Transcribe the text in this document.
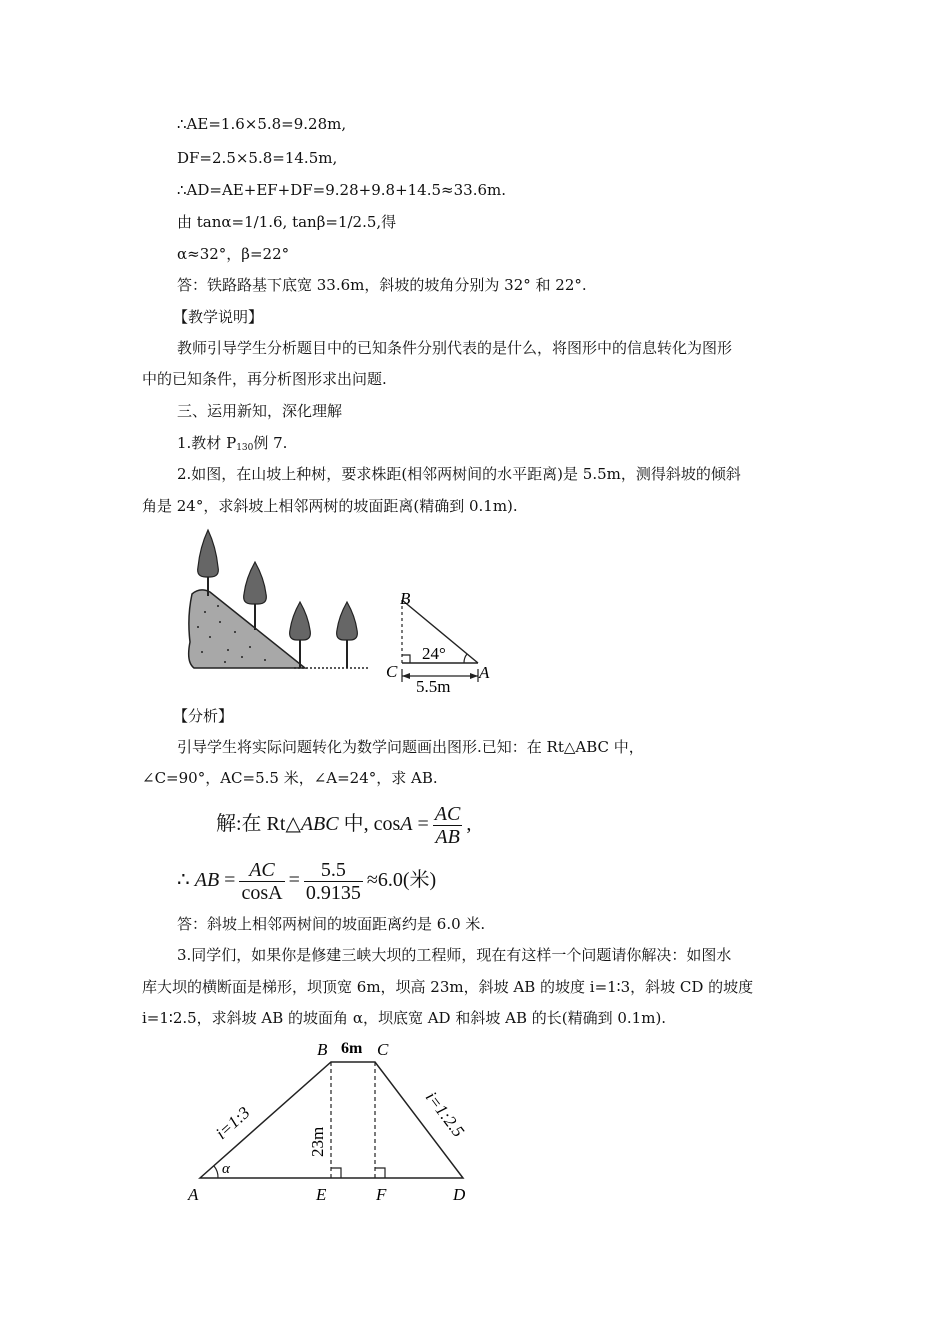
∴AE=1.6×5.8=9.28m,
DF=2.5×5.8=14.5m,
∴AD=AE+EF+DF=9.28+9.8+14.5≈33.6m.
由 tanα=1/1.6, tanβ=1/2.5,得
α≈32°，β=22°
答：铁路路基下底宽 33.6m，斜坡的坡角分别为 32° 和 22°.
【教学说明】
教师引导学生分析题目中的已知条件分别代表的是什么，将图形中的信息转化为图形
中的已知条件，再分析图形求出问题.
三、运用新知，深化理解
1.教材 P130例 7.
2.如图，在山坡上种树，要求株距(相邻两树间的水平距离)是 5.5m，测得斜坡的倾斜
角是 24°，求斜坡上相邻两树的坡面距离(精确到 0.1m).
B
C	A
24°
5.5m
【分析】
引导学生将实际问题转化为数学问题画出图形.已知：在 Rt△ABC 中，
∠C=90°，AC=5.5 米，∠A=24°，求 AB.
解:在 Rt△ABC 中, $\cos A = \frac{AC}{AB}$ ,
∴ AB = $\frac{AC}{\cos A} = \frac{5.5}{0.9135} \approx 6.0$(米)
答：斜坡上相邻两树间的坡面距离约是 6.0 米.
3.同学们，如果你是修建三峡大坝的工程师，现在有这样一个问题请你解决：如图水
库大坝的横断面是梯形，坝顶宽 6m，坝高 23m，斜坡 AB 的坡度 i=1∶3，斜坡 CD 的坡度
i=1∶2.5，求斜坡 AB 的坡面角 α，坝底宽 AD 和斜坡 AB 的长(精确到 0.1m).
B	C
6m
A	E	F	D
α
23m
i=1:3	i=1:2.5
